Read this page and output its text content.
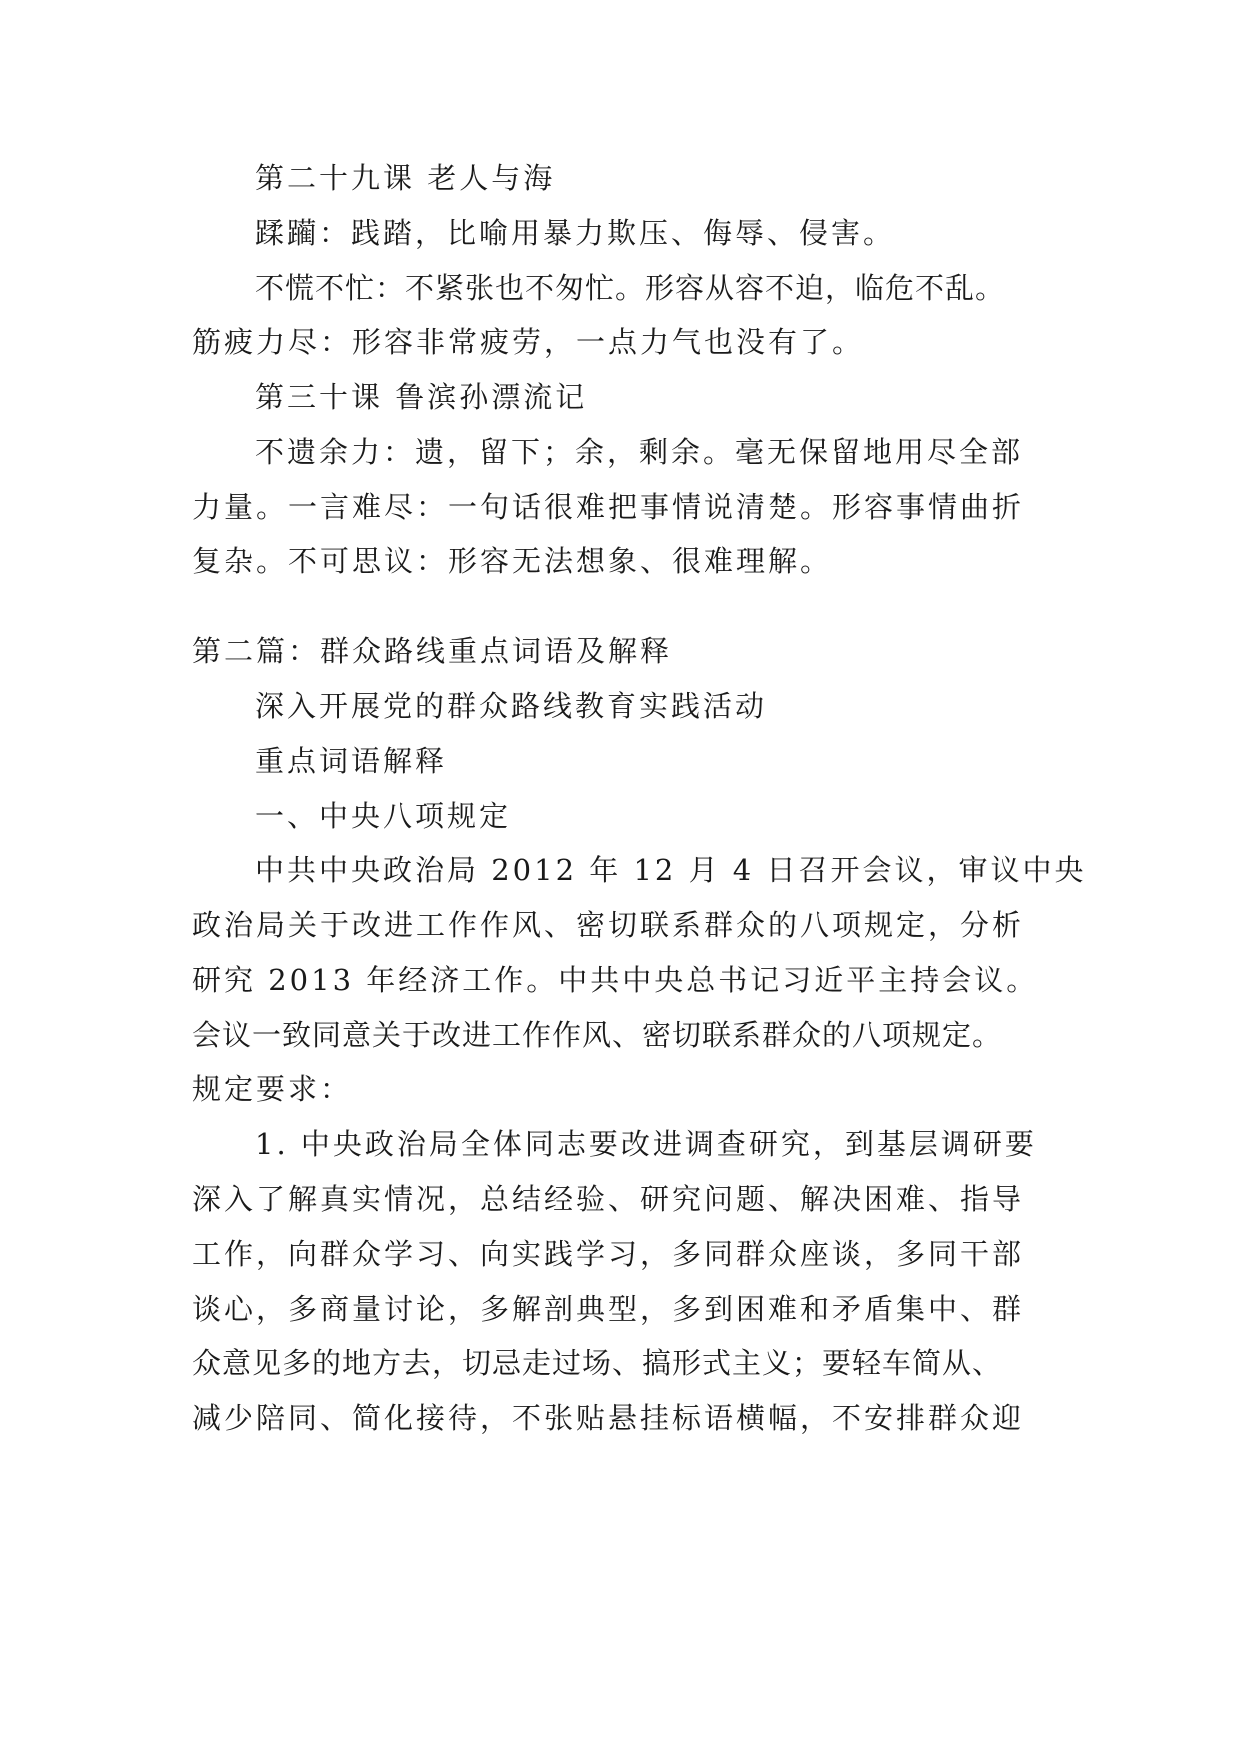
第二十九课 老人与海
蹂躏：践踏，比喻用暴力欺压、侮辱、侵害。
不慌不忙：不紧张也不匆忙。形容从容不迫，临危不乱。
筋疲力尽：形容非常疲劳，一点力气也没有了。
第三十课 鲁滨孙漂流记
不遗余力：遗，留下；余，剩余。毫无保留地用尽全部
力量。一言难尽：一句话很难把事情说清楚。形容事情曲折
复杂。不可思议：形容无法想象、很难理解。
第二篇：群众路线重点词语及解释
深入开展党的群众路线教育实践活动
重点词语解释
一、中央八项规定
中共中央政治局 2012 年 12 月 4 日召开会议，审议中央
政治局关于改进工作作风、密切联系群众的八项规定，分析
研究 2013 年经济工作。中共中央总书记习近平主持会议。
会议一致同意关于改进工作作风、密切联系群众的八项规定。
规定要求：
1. 中央政治局全体同志要改进调查研究，到基层调研要
深入了解真实情况，总结经验、研究问题、解决困难、指导
工作，向群众学习、向实践学习，多同群众座谈，多同干部
谈心，多商量讨论，多解剖典型，多到困难和矛盾集中、群
众意见多的地方去，切忌走过场、搞形式主义；要轻车简从、
减少陪同、简化接待，不张贴悬挂标语横幅，不安排群众迎
